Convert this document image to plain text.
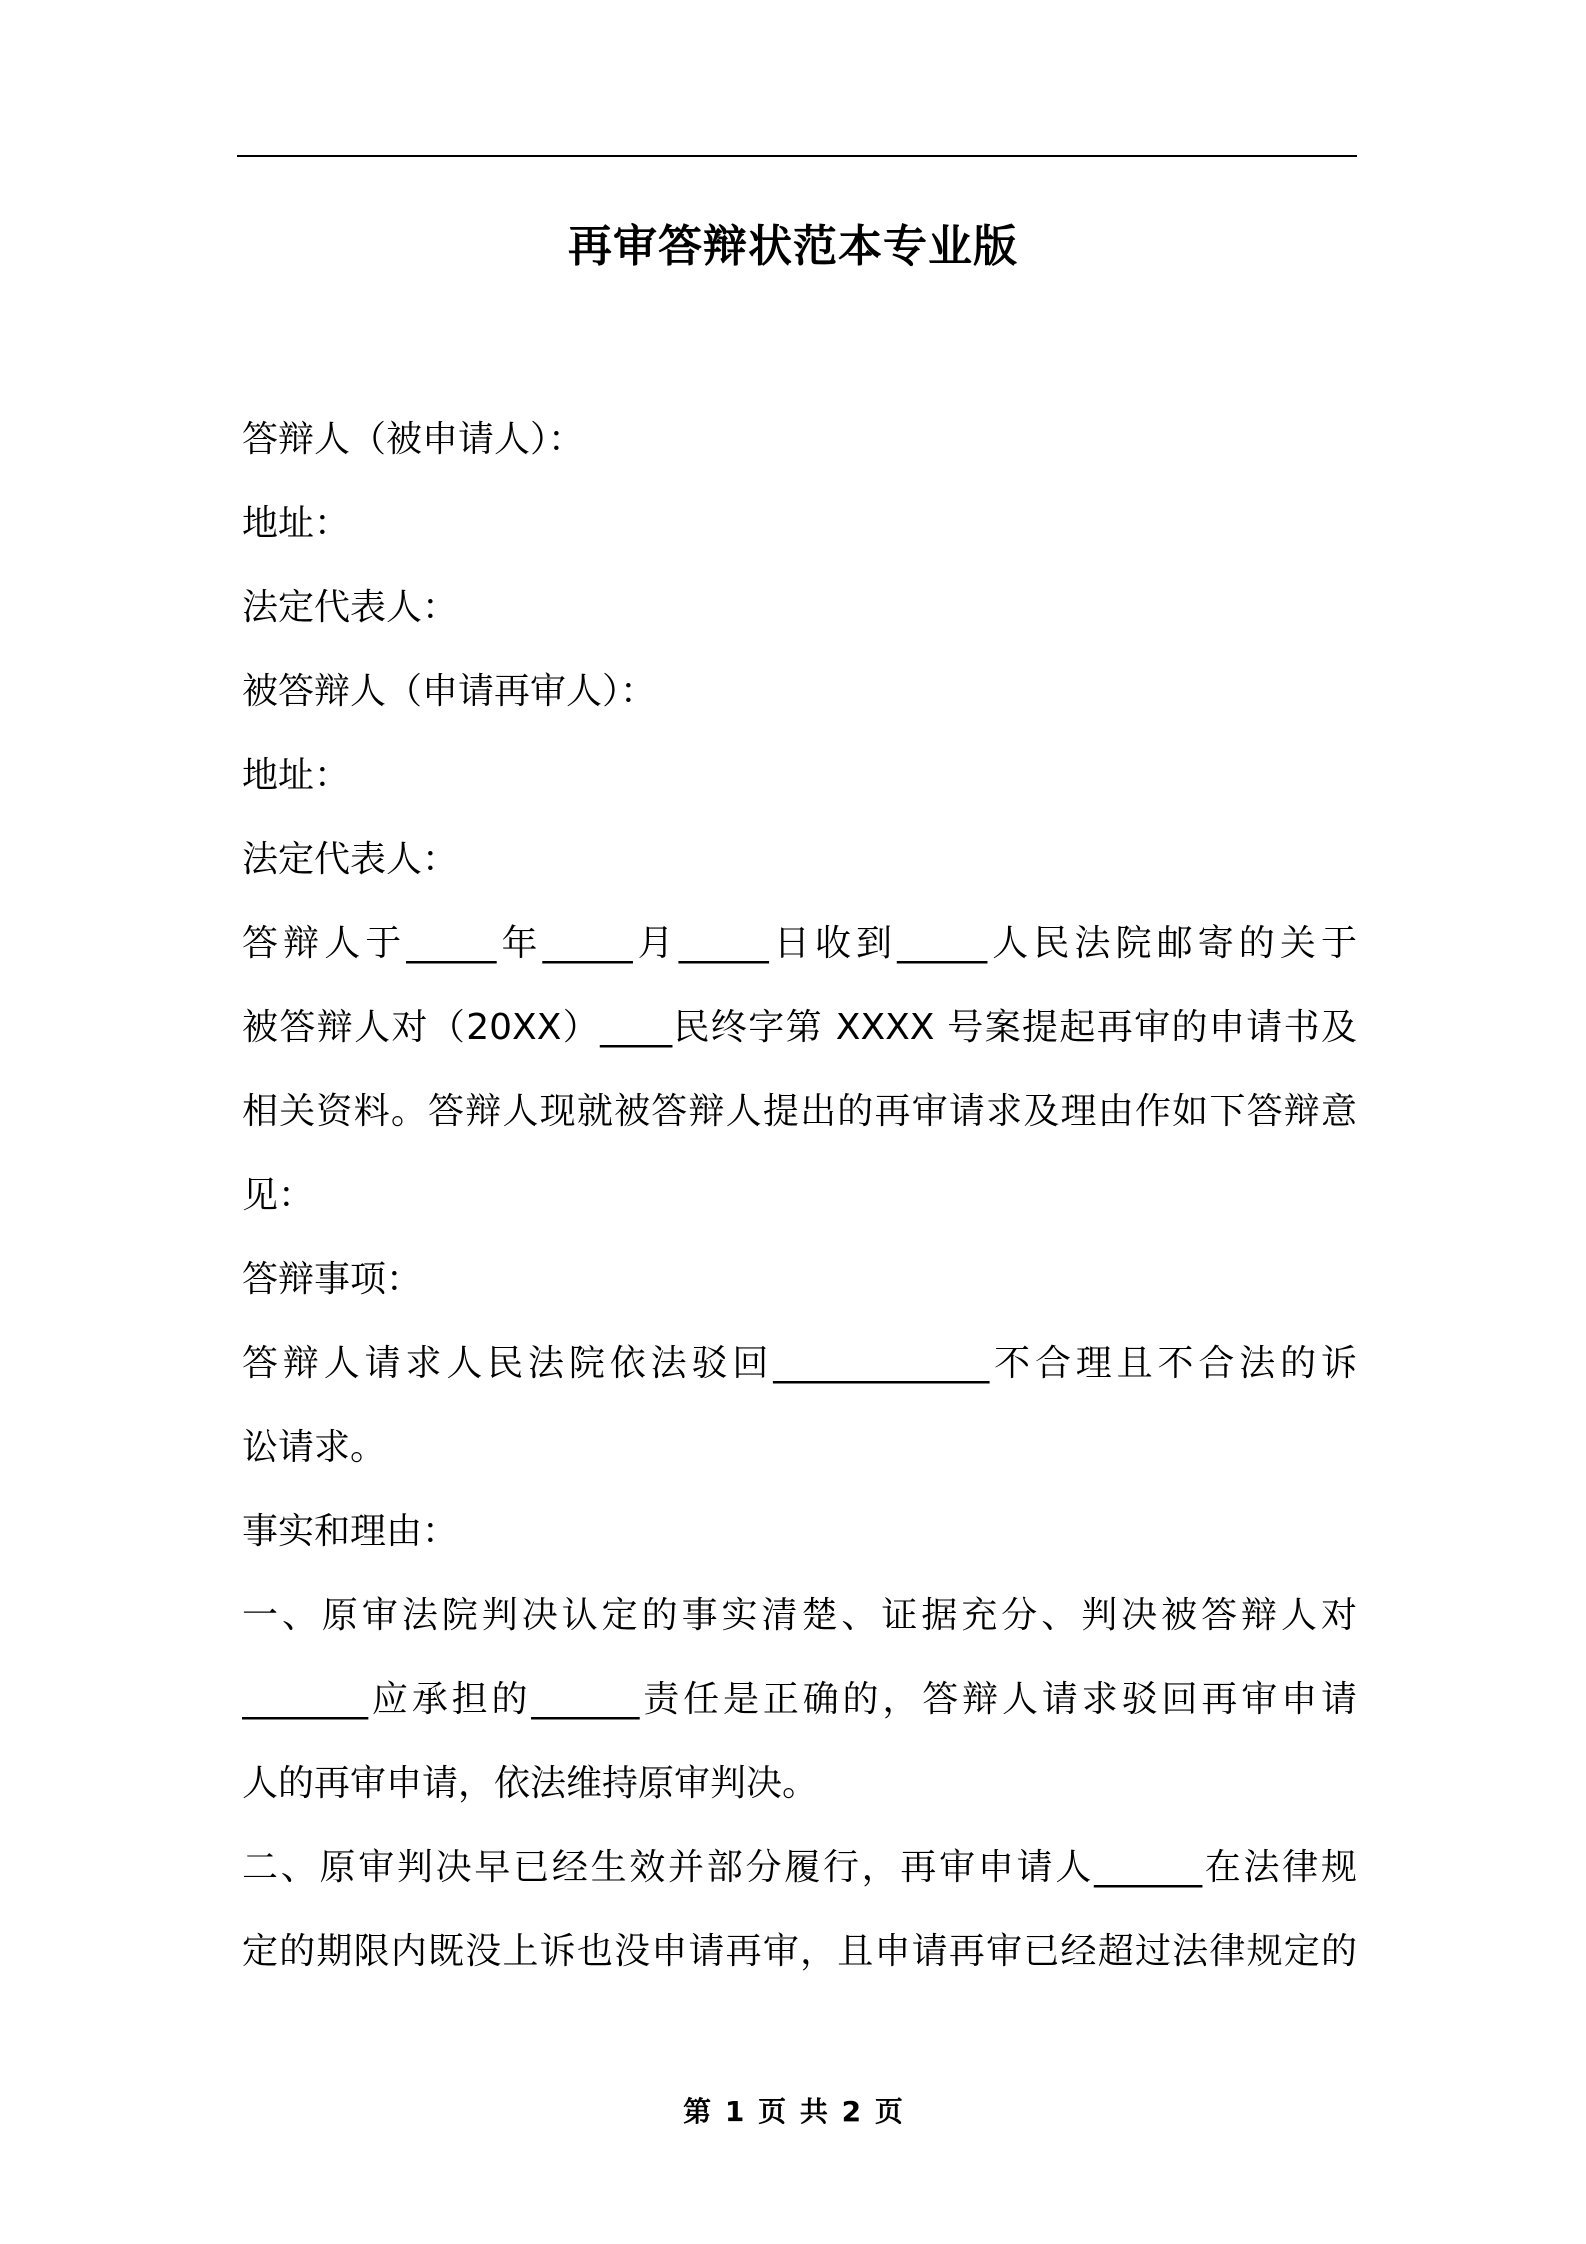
再审答辩状范本专业版
答辩人（被申请人）：
地址：
法定代表人：
被答辩人（申请再审人）：
地址：
法定代表人：
答辩人于_____年_____月_____日收到_____人民法院邮寄的关于
被答辩人对（20XX）____民终字第 XXXX 号案提起再审的申请书及
相关资料。答辩人现就被答辩人提出的再审请求及理由作如下答辩意
见：
答辩事项：
答辩人请求人民法院依法驳回____________不合理且不合法的诉
讼请求。
事实和理由：
一、原审法院判决认定的事实清楚、证据充分、判决被答辩人对
_______应承担的______责任是正确的，答辩人请求驳回再审申请
人的再审申请，依法维持原审判决。
二、原审判决早已经生效并部分履行，再审申请人______在法律规
定的期限内既没上诉也没申请再审，且申请再审已经超过法律规定的
第 1 页 共 2 页
